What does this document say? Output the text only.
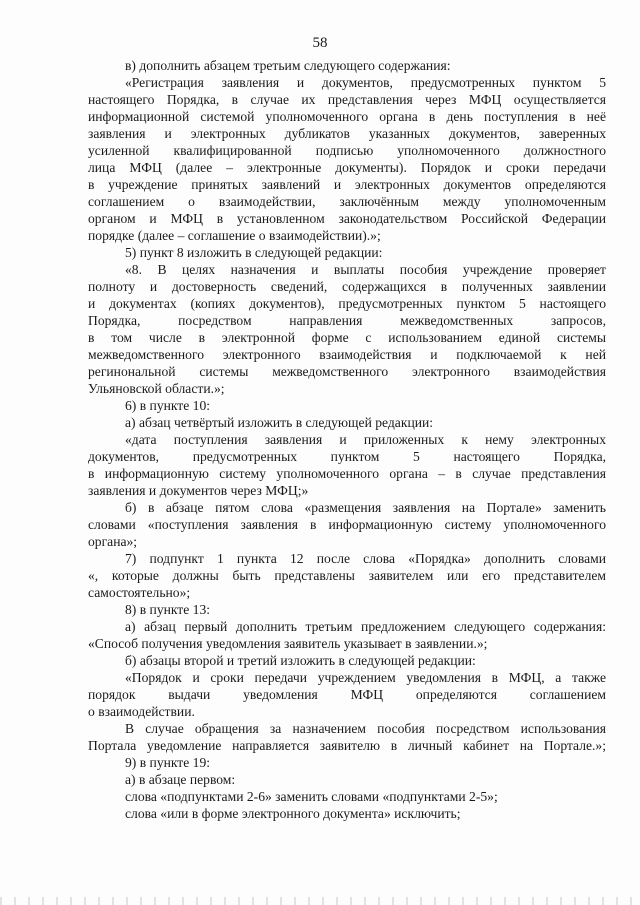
58
в) дополнить абзацем третьим следующего содержания:
«Регистрация заявления и документов, предусмотренных пунктом 5
настоящего Порядка, в случае их представления через МФЦ осуществляется
информационной системой уполномоченного органа в день поступления в неё
заявления и электронных дубликатов указанных документов, заверенных
усиленной квалифицированной подписью уполномоченного должностного
лица МФЦ (далее – электронные документы). Порядок и сроки передачи
в учреждение принятых заявлений и электронных документов определяются
соглашением о взаимодействии, заключённым между уполномоченным
органом и МФЦ в установленном законодательством Российской Федерации
порядке (далее – соглашение о взаимодействии).»;
5) пункт 8 изложить в следующей редакции:
«8. В целях назначения и выплаты пособия учреждение проверяет
полноту и достоверность сведений, содержащихся в полученных заявлении
и документах (копиях документов), предусмотренных пунктом 5 настоящего
Порядка, посредством направления межведомственных запросов,
в том числе в электронной форме с использованием единой системы
межведомственного электронного взаимодействия и подключаемой к ней
регинональной системы межведомственного электронного взаимодействия
Ульяновской области.»;
6) в пункте 10:
а) абзац четвёртый изложить в следующей редакции:
«дата поступления заявления и приложенных к нему электронных
документов, предусмотренных пунктом 5 настоящего Порядка,
в информационную систему уполномоченного органа – в случае представления
заявления и документов через МФЦ;»
б) в абзаце пятом слова «размещения заявления на Портале» заменить
словами «поступления заявления в информационную систему уполномоченного
органа»;
7) подпункт 1 пункта 12 после слова «Порядка» дополнить словами
«, которые должны быть представлены заявителем или его представителем
самостоятельно»;
8) в пункте 13:
а) абзац первый дополнить третьим предложением следующего содержания:
«Способ получения уведомления заявитель указывает в заявлении.»;
б) абзацы второй и третий изложить в следующей редакции:
«Порядок и сроки передачи учреждением уведомления в МФЦ, а также
порядок выдачи уведомления МФЦ определяются соглашением
о взаимодействии.
В случае обращения за назначением пособия посредством использования
Портала уведомление направляется заявителю в личный кабинет на Портале.»;
9) в пункте 19:
а) в абзаце первом:
слова «подпунктами 2-6» заменить словами «подпунктами 2-5»;
слова «или в форме электронного документа» исключить;
